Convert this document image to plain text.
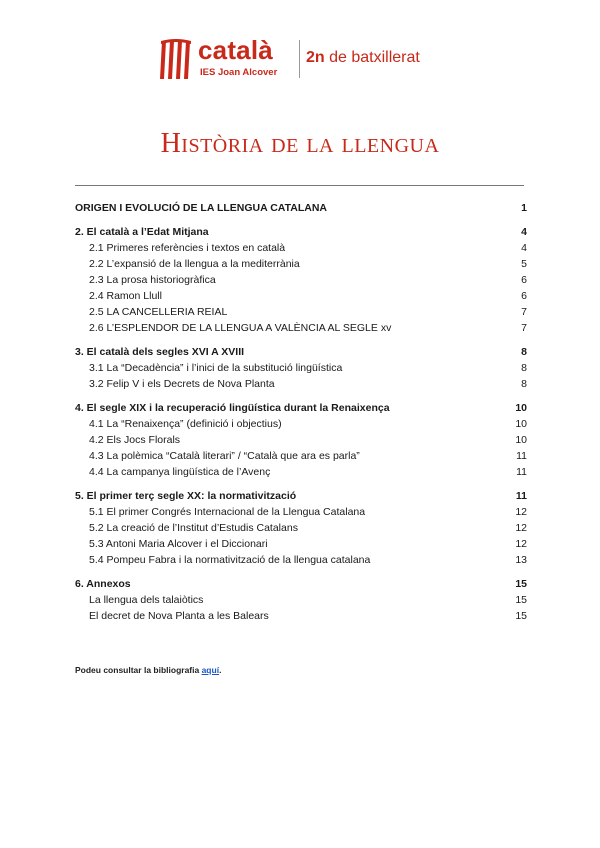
català
IES Joan Alcover
2n de batxillerat
Història de la llengua
ORIGEN I EVOLUCIÓ DE LA LLENGUA CATALANA	1
2. El català a l’Edat Mitjana	4
2.1 Primeres referències i textos en català	4
2.2 L’expansió de la llengua a la mediterrània	5
2.3 La prosa historiogràfica	6
2.4 Ramon Llull	6
2.5 LA CANCELLERIA REIAL	7
2.6 L’ESPLENDOR DE LA LLENGUA A VALÈNCIA AL SEGLE xv	7
3. El català dels segles XVI A XVIII	8
3.1 La “Decadència” i l’inici de la substitució lingüística	8
3.2 Felip V i els Decrets de Nova Planta	8
4. El segle XIX i la recuperació lingüística durant la Renaixença	10
4.1 La “Renaixença” (definició i objectius)	10
4.2 Els Jocs Florals	10
4.3 La polèmica “Català literari” / “Català que ara es parla”	11
4.4 La campanya lingüística de l’Avenç	11
5. El primer terç segle XX: la normativització	11
5.1 El primer Congrés Internacional de la Llengua Catalana	12
5.2 La creació de l’Institut d’Estudis Catalans	12
5.3 Antoni Maria Alcover i el Diccionari	12
5.4 Pompeu Fabra i la normativització de la llengua catalana	13
6. Annexos	15
La llengua dels talaiòtics	15
El decret de Nova Planta a les Balears	15
Podeu consultar la bibliografia aquí.
